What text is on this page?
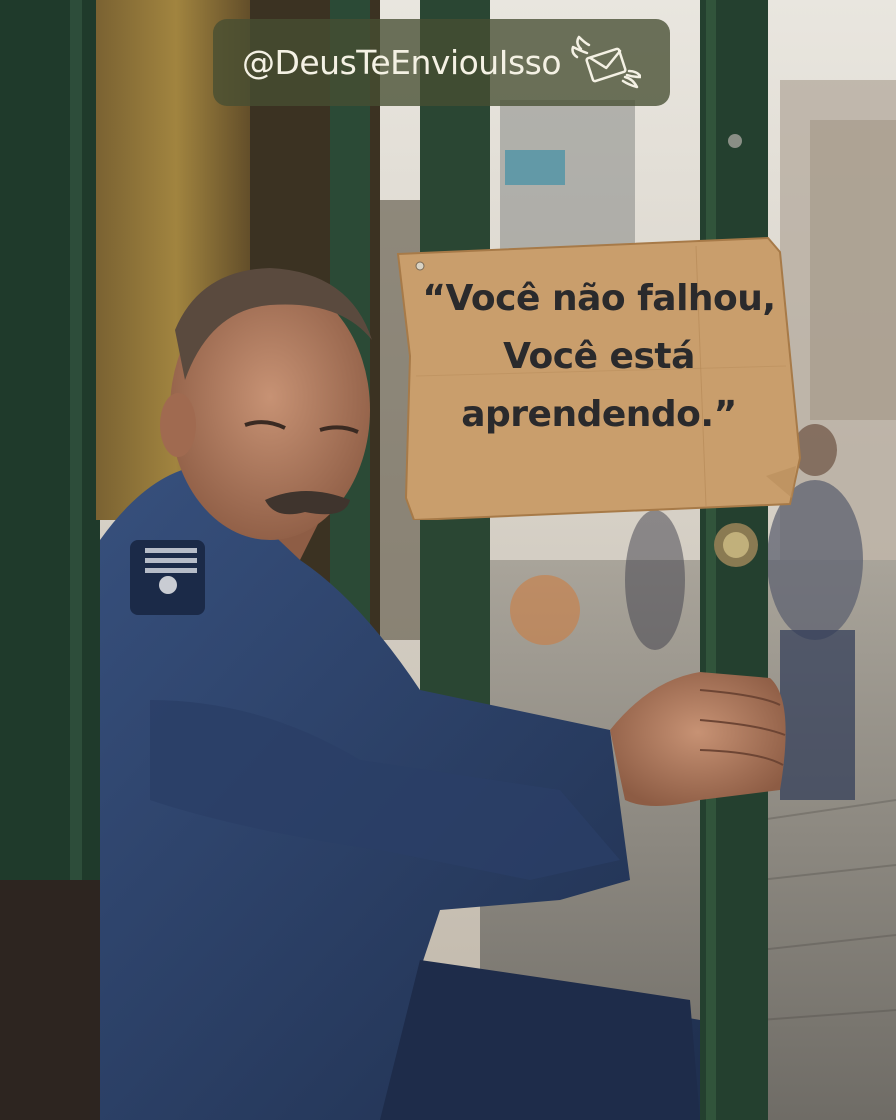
@DeusTeEnviouIsso
“Você não falhou,
Você está
aprendendo.”
